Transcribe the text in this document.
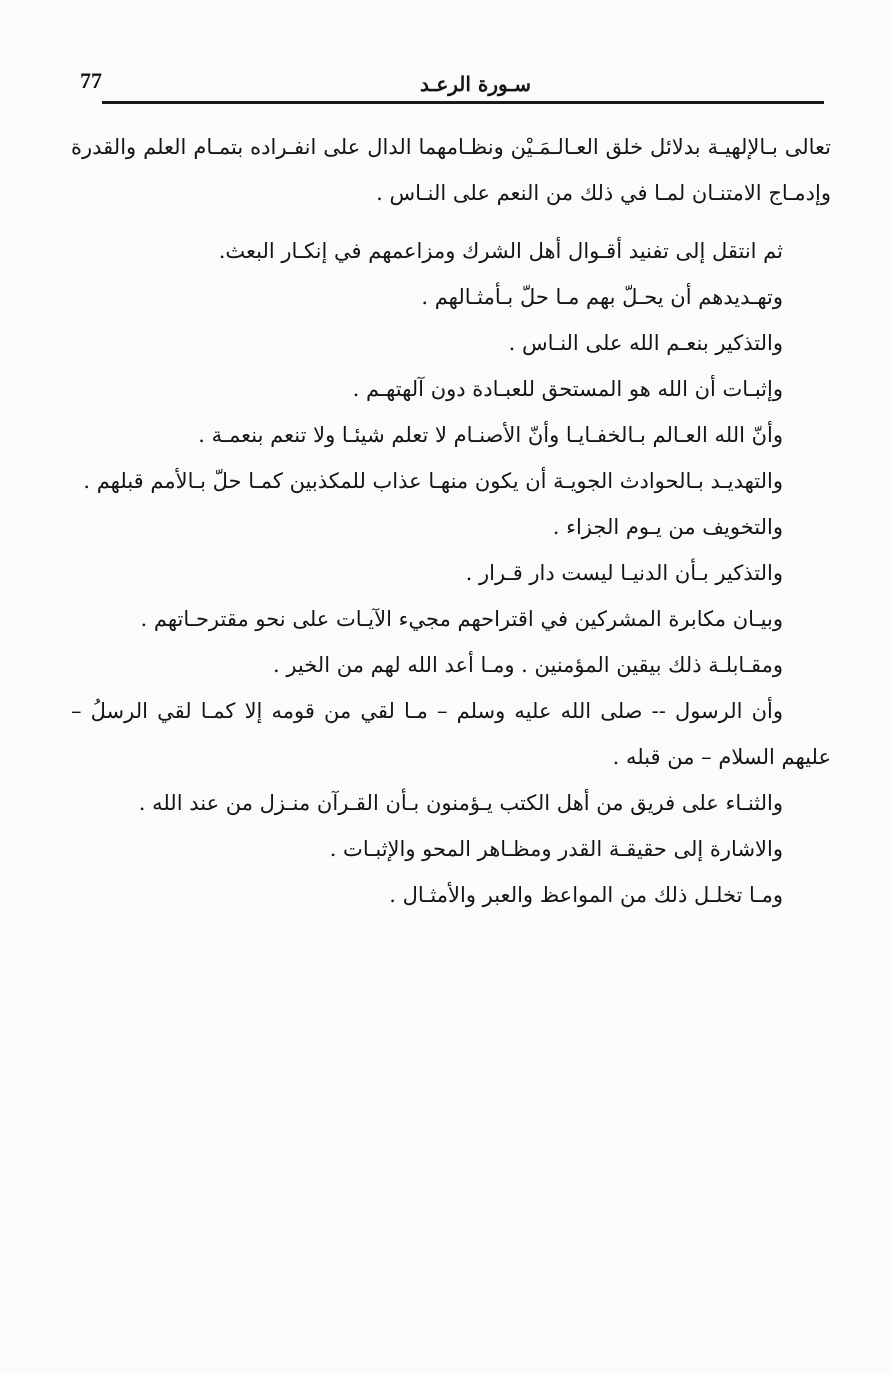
77	سـورة الرعـد

تعالى بـالإلهيـة بدلائل خلق العـالـمَـيْن ونظـامهما الدال على انفـراده بتمـام العلم والقدرة وإدمـاج الامتنـان لمـا في ذلك من النعم على النـاس .

ثم انتقل إلى تفنيد أقـوال أهل الشرك ومزاعمهم في إنكـار البعث.

وتهـديدهم أن يحـلّ بهم مـا حلّ بـأمثـالهم .

والتذكير بنعـم الله على النـاس .

وإثبـات أن الله هو المستحق للعبـادة دون آلهتهـم .

وأنّ الله العـالم بـالخفـايـا وأنّ الأصنـام لا تعلم شيئـا ولا تنعم بنعمـة .

والتهديـد بـالحوادث الجويـة أن يكون منهـا عذاب للمكذبين كمـا حلّ بـالأمم قبلهم .

والتخويف من يـوم الجزاء .

والتذكير بـأن الدنيـا ليست دار قـرار .

وبيـان مكابرة المشركين في اقتراحهم مجيء الآيـات على نحو مقترحـاتهم .

ومقـابلـة ذلك بيقين المؤمنين . ومـا أعد الله لهم من الخير .

وأن الرسول -- صلى الله عليه وسلم – مـا لقي من قومه إلا كمـا لقي الرسلُ – عليهم السلام – من قبله .

والثنـاء على فريق من أهل الكتب يـؤمنون بـأن القـرآن منـزل من عند الله .

والاشارة إلى حقيقـة القدر ومظـاهر المحو والإثبـات .

ومـا تخلـل ذلك من المواعظ والعبر والأمثـال .
